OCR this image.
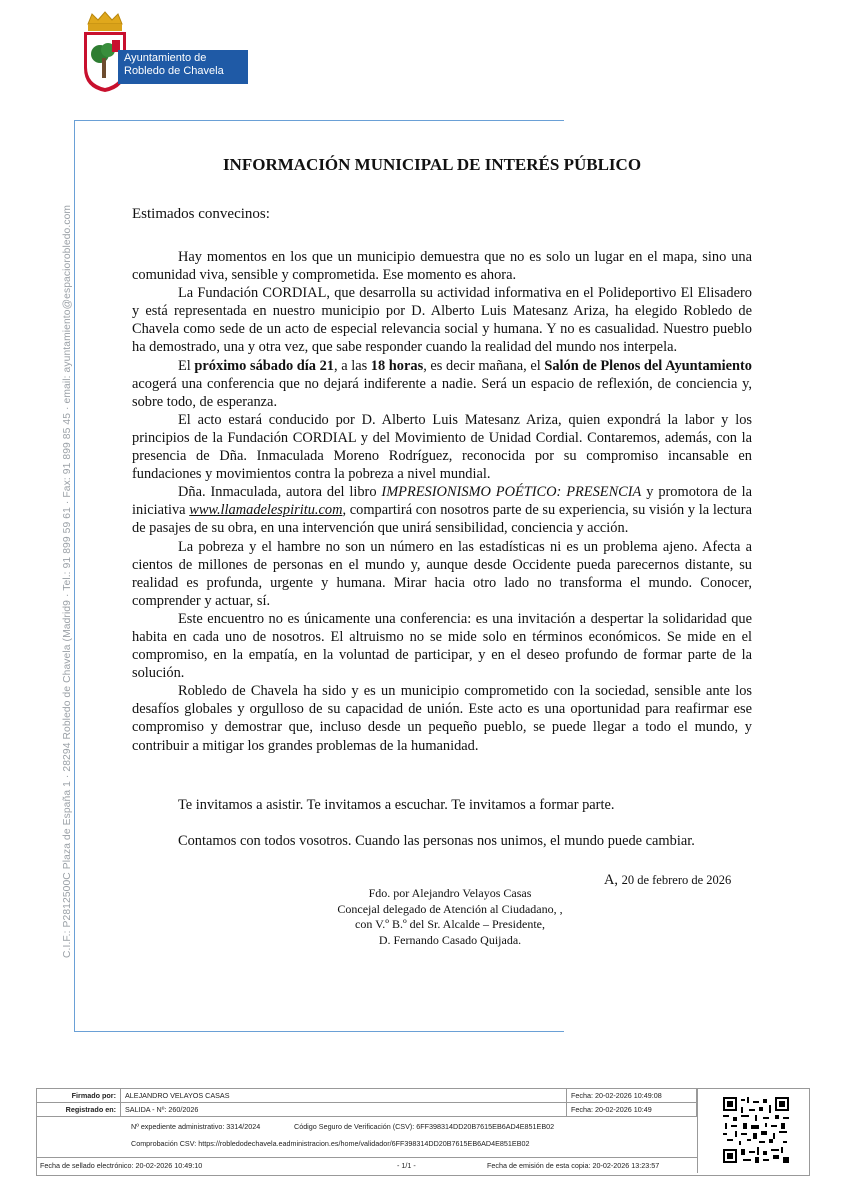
Ayuntamiento de
Robledo de Chavela
C.I.F.: P2812500C Plaza de España 1 · 28294 Robledo de Chavela (Madrid9 · Tel.: 91 899 59 61 · Fax: 91 899 85 45 · email: ayuntamiento@espaciorobledo.com
INFORMACIÓN MUNICIPAL DE INTERÉS PÚBLICO
Estimados convecinos:

Hay momentos en los que un municipio demuestra que no es solo un lugar en el mapa, sino una comunidad viva, sensible y comprometida. Ese momento es ahora.

La Fundación CORDIAL, que desarrolla su actividad informativa en el Polideportivo El Elisadero y está representada en nuestro municipio por D. Alberto Luis Matesanz Ariza, ha elegido Robledo de Chavela como sede de un acto de especial relevancia social y humana. Y no es casualidad. Nuestro pueblo ha demostrado, una y otra vez, que sabe responder cuando la realidad del mundo nos interpela.

El próximo sábado día 21, a las 18 horas, es decir mañana, el Salón de Plenos del Ayuntamiento acogerá una conferencia que no dejará indiferente a nadie. Será un espacio de reflexión, de conciencia y, sobre todo, de esperanza.

El acto estará conducido por D. Alberto Luis Matesanz Ariza, quien expondrá la labor y los principios de la Fundación CORDIAL y del Movimiento de Unidad Cordial. Contaremos, además, con la presencia de Dña. Inmaculada Moreno Rodríguez, reconocida por su compromiso incansable en fundaciones y movimientos contra la pobreza a nivel mundial.

Dña. Inmaculada, autora del libro IMPRESIONISMO POÉTICO: PRESENCIA y promotora de la iniciativa www.llamadelespiritu.com, compartirá con nosotros parte de su experiencia, su visión y la lectura de pasajes de su obra, en una intervención que unirá sensibilidad, conciencia y acción.

La pobreza y el hambre no son un número en las estadísticas ni es un problema ajeno. Afecta a cientos de millones de personas en el mundo y, aunque desde Occidente pueda parecernos distante, su realidad es profunda, urgente y humana. Mirar hacia otro lado no transforma el mundo. Conocer, comprender y actuar, sí.

Este encuentro no es únicamente una conferencia: es una invitación a despertar la solidaridad que habita en cada uno de nosotros. El altruismo no se mide solo en términos económicos. Se mide en el compromiso, en la empatía, en la voluntad de participar, y en el deseo profundo de formar parte de la solución.

Robledo de Chavela ha sido y es un municipio comprometido con la sociedad, sensible ante los desafíos globales y orgulloso de su capacidad de unión. Este acto es una oportunidad para reafirmar ese compromiso y demostrar que, incluso desde un pequeño pueblo, se puede llegar a todo el mundo, y contribuir a mitigar los grandes problemas de la humanidad.

Te invitamos a asistir. Te invitamos a escuchar. Te invitamos a formar parte.
Contamos con todos vosotros. Cuando las personas nos unimos, el mundo puede cambiar.
A, 20 de febrero de 2026
Fdo. por Alejandro Velayos Casas
Concejal delegado de Atención al Ciudadano, ,
con V.º B.º del Sr. Alcalde – Presidente,
D. Fernando Casado Quijada.
Firmado por:	ALEJANDRO VELAYOS CASAS	Fecha: 20-02-2026 10:49:08
Registrado en:	SALIDA - Nº: 260/2026	Fecha: 20-02-2026 10:49
Nº expediente administrativo: 3314/2024	Código Seguro de Verificación (CSV): 6FF398314DD20B7615EB6AD4E851EB02
Comprobación CSV: https://robledodechavela.eadministracion.es/home/validador/6FF398314DD20B7615EB6AD4E851EB02
Fecha de sellado electrónico: 20-02-2026 10:49:10	- 1/1 -	Fecha de emisión de esta copia: 20-02-2026 13:23:57
